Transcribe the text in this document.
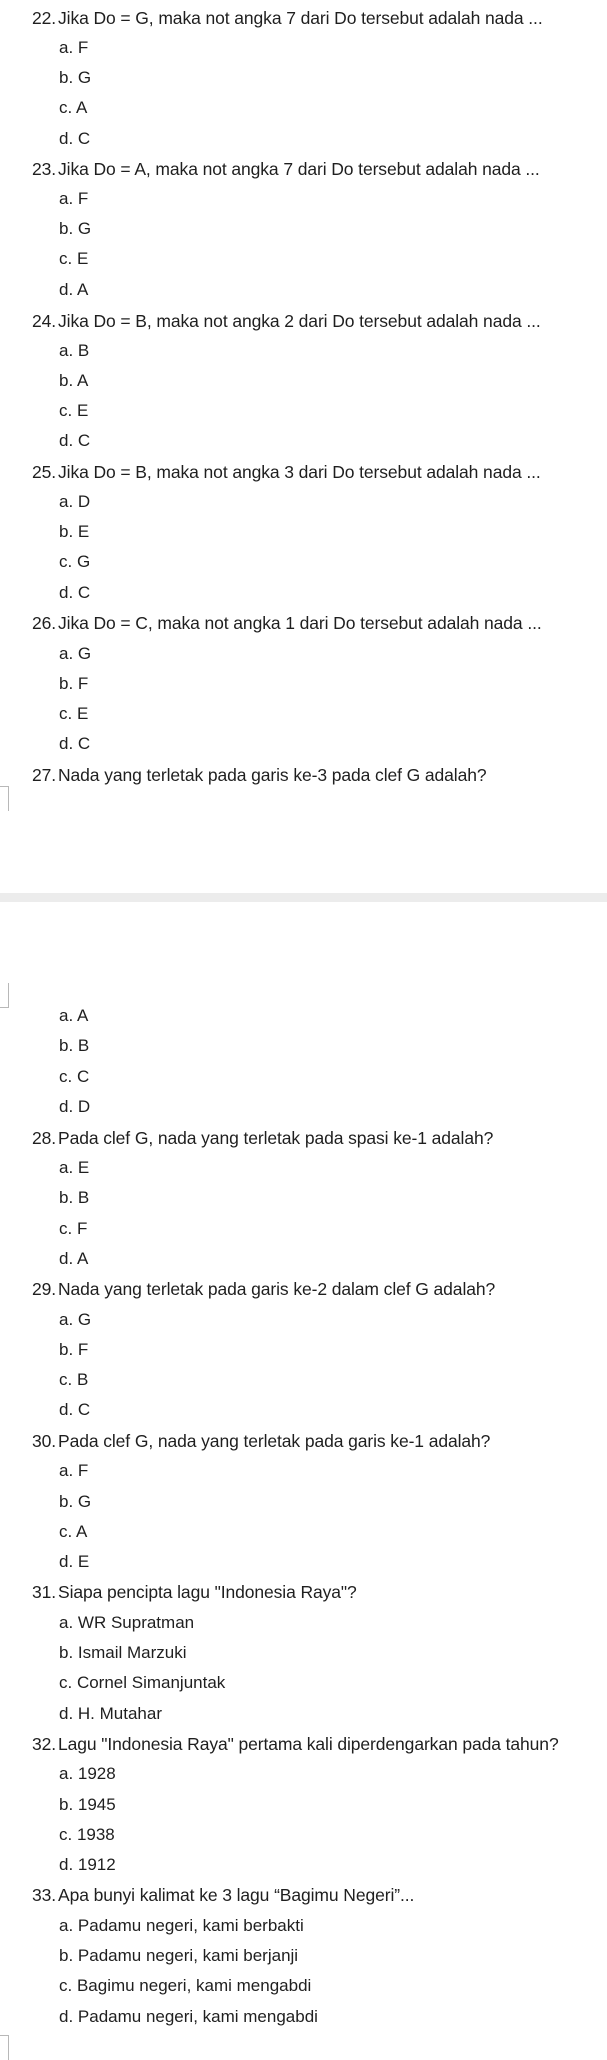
22. Jika Do = G, maka not angka 7 dari Do tersebut adalah nada ...
a. F
b. G
c. A
d. C
23. Jika Do = A, maka not angka 7 dari Do tersebut adalah nada ...
a. F
b. G
c. E
d. A
24. Jika Do = B, maka not angka 2 dari Do tersebut adalah nada ...
a. B
b. A
c. E
d. C
25. Jika Do = B, maka not angka 3 dari Do tersebut adalah nada ...
a. D
b. E
c. G
d. C
26. Jika Do = C, maka not angka 1 dari Do tersebut adalah nada ...
a. G
b. F
c. E
d. C
27. Nada yang terletak pada garis ke-3 pada clef G adalah?
a. A
b. B
c. C
d. D
28. Pada clef G, nada yang terletak pada spasi ke-1 adalah?
a. E
b. B
c. F
d. A
29. Nada yang terletak pada garis ke-2 dalam clef G adalah?
a. G
b. F
c. B
d. C
30. Pada clef G, nada yang terletak pada garis ke-1 adalah?
a. F
b. G
c. A
d. E
31. Siapa pencipta lagu "Indonesia Raya"?
a. WR Supratman
b. Ismail Marzuki
c. Cornel Simanjuntak
d. H. Mutahar
32. Lagu "Indonesia Raya" pertama kali diperdengarkan pada tahun?
a. 1928
b. 1945
c. 1938
d. 1912
33. Apa bunyi kalimat ke 3 lagu “Bagimu Negeri”...
a. Padamu negeri, kami berbakti
b. Padamu negeri, kami berjanji
c. Bagimu negeri, kami mengabdi
d. Padamu negeri, kami mengabdi
